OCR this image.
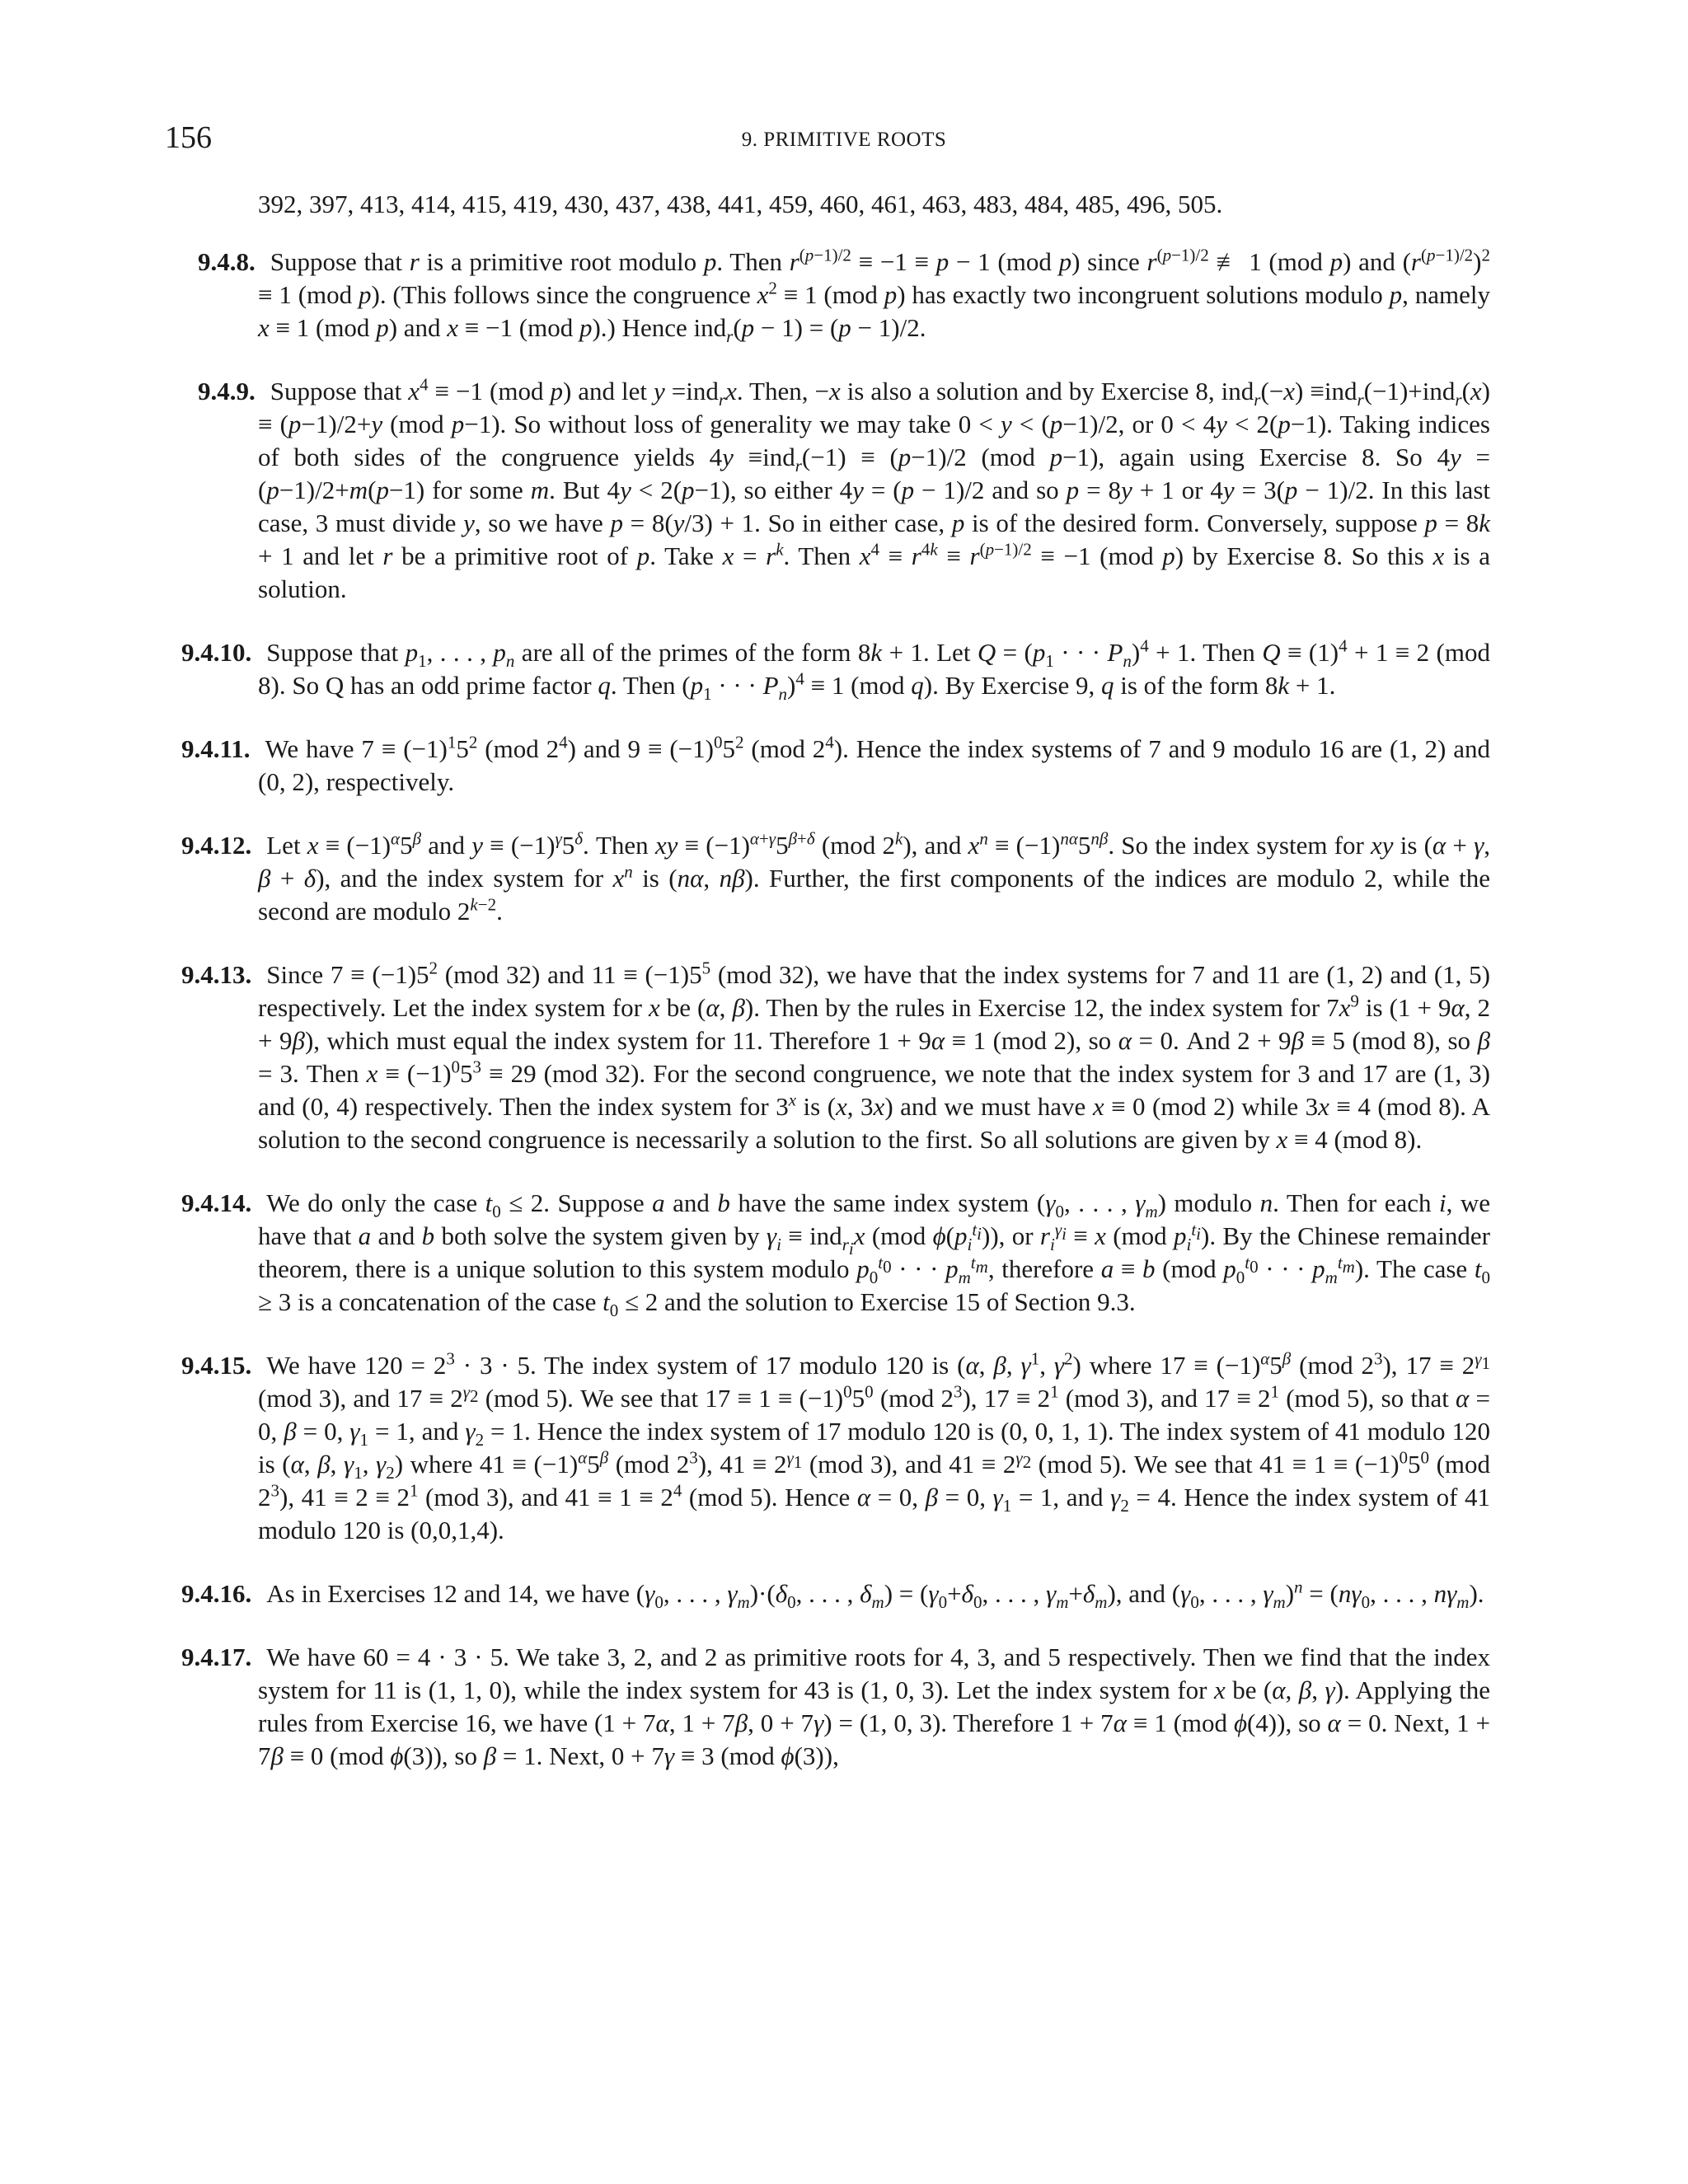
156	9. PRIMITIVE ROOTS
392, 397, 413, 414, 415, 419, 430, 437, 438, 441, 459, 460, 461, 463, 483, 484, 485, 496, 505.
9.4.8. Suppose that r is a primitive root modulo p. Then $r^{(p-1)/2} \equiv -1 \equiv p - 1$ (mod p) since $r^{(p-1)/2}$ ≢ 1 (mod p) and $(r^{(p-1)/2})^2 \equiv 1$ (mod p). (This follows since the congruence $x^2 \equiv 1$ (mod p) has exactly two incongruent solutions modulo p, namely x ≡ 1 (mod p) and x ≡ −1 (mod p).) Hence ind$_r$(p − 1) = (p − 1)/2.
9.4.9. Suppose that $x^4 \equiv -1$ (mod p) and let y =ind$_r$x. Then, −x is also a solution and by Exercise 8, ind$_r$(−x) ≡ind$_r$(−1)+ind$_r$(x) ≡ (p−1)/2+y (mod p−1). So without loss of generality we may take 0 < y < (p−1)/2, or 0 < 4y < 2(p−1). Taking indices of both sides of the congruence yields 4y ≡ind$_r$(−1) ≡ (p−1)/2 (mod p−1), again using Exercise 8. So 4y = (p−1)/2+m(p−1) for some m. But 4y < 2(p−1), so either 4y = (p − 1)/2 and so p = 8y + 1 or 4y = 3(p − 1)/2. In this last case, 3 must divide y, so we have p = 8(y/3) + 1. So in either case, p is of the desired form. Conversely, suppose p = 8k + 1 and let r be a primitive root of p. Take $x = r^k$. Then $x^4 \equiv r^{4k} \equiv r^{(p-1)/2} \equiv -1$ (mod p) by Exercise 8. So this x is a solution.
9.4.10. Suppose that $p_1$, . . . , $p_n$ are all of the primes of the form 8k + 1. Let $Q = (p_1$ · · · $P_n)^4 + 1$. Then $Q \equiv (1)^4 + 1 \equiv 2$ (mod 8). So Q has an odd prime factor q. Then ($p_1$ · · · $P_n)^4 \equiv 1$ (mod q). By Exercise 9, q is of the form 8k + 1.
9.4.11. We have $7 \equiv (-1)^15^2$ (mod $2^4$) and $9 \equiv (-1)^05^2$ (mod $2^4$). Hence the index systems of 7 and 9 modulo 16 are (1, 2) and (0, 2), respectively.
9.4.12. Let $x \equiv (-1)^\alpha 5^\beta$ and $y \equiv (-1)^\gamma 5^\delta$. Then xy ≡ $(-1)^{\alpha+\gamma}5^{\beta+\delta}$ (mod 2$^k$), and $x^n \equiv (-1)^{n\alpha}5^{n\beta}$. So the index system for xy is (α + γ, β + δ), and the index system for $x^n$ is (nα, nβ). Further, the first components of the indices are modulo 2, while the second are modulo $2^{k-2}$.
9.4.13. Since $7 \equiv (-1)5^2$ (mod 32) and $11 \equiv (-1)5^5$ (mod 32), we have that the index systems for 7 and 11 are (1, 2) and (1, 5) respectively. Let the index system for x be (α, β). Then by the rules in Exercise 12, the index system for $7x^9$ is (1 + 9α, 2 + 9β), which must equal the index system for 11. Therefore 1 + 9α ≡ 1 (mod 2), so α = 0. And 2 + 9β ≡ 5 (mod 8), so β = 3. Then $x \equiv (-1)^05^3 \equiv 29$ (mod 32). For the second congruence, we note that the index system for 3 and 17 are (1, 3) and (0, 4) respectively. Then the index system for 3$^x$ is (x, 3x) and we must have x ≡ 0 (mod 2) while 3x ≡ 4 (mod 8). A solution to the second congruence is necessarily a solution to the first. So all solutions are given by x ≡ 4 (mod 8).
9.4.14. We do only the case $t_0 \le 2$. Suppose a and b have the same index system ($\gamma_0$, . . . , $\gamma_m$) modulo n. Then for each i, we have that a and b both solve the system given by $\gamma_i \equiv ind_{r_i}x$ (mod $\phi(p_i^{t_i})$), or $r_i^{\gamma_i} \equiv x$ (mod $p_i^{t_i}$). By the Chinese remainder theorem, there is a unique solution to this system modulo $p_0^{t_0}$ · · · $p_m^{t_m}$, therefore a ≡ b (mod $p_0^{t_0}$ · · · $p_m^{t_m}$). The case $t_0 \ge 3$ is a concatenation of the case $t_0 \le 2$ and the solution to Exercise 15 of Section 9.3.
9.4.15. We have $120 = 2^3 \cdot 3 \cdot 5$. The index system of 17 modulo 120 is (α, β, $\gamma^1$, $\gamma^2$) where $17 \equiv (-1)^\alpha 5^\beta$ (mod $2^3$), $17 \equiv 2^{\gamma_1}$ (mod 3), and $17 \equiv 2^{\gamma_2}$ (mod 5). We see that $17 \equiv 1 \equiv (-1)^05^0$ (mod $2^3$), $17 \equiv 2^1$ (mod 3), and $17 \equiv 2^1$ (mod 5), so that α = 0, β = 0, $\gamma_1 = 1$, and $\gamma_2 = 1$. Hence the index system of 17 modulo 120 is (0, 0, 1, 1). The index system of 41 modulo 120 is (α, β, $\gamma_1$, $\gamma_2$) where $41 \equiv (-1)^\alpha 5^\beta$ (mod $2^3$), $41 \equiv 2^{\gamma_1}$ (mod 3), and $41 \equiv 2^{\gamma_2}$ (mod 5). We see that $41 \equiv 1 \equiv (-1)^05^0$ (mod $2^3$), $41 \equiv 2 \equiv 2^1$ (mod 3), and $41 \equiv 1 \equiv 2^4$ (mod 5). Hence α = 0, β = 0, $\gamma_1 = 1$, and $\gamma_2 = 4$. Hence the index system of 41 modulo 120 is (0,0,1,4).
9.4.16. As in Exercises 12 and 14, we have ($\gamma_0$, . . . , $\gamma_m)\cdot(\delta_0$, . . . , $\delta_m) = (\gamma_0+\delta_0$, . . . , $\gamma_m+\delta_m$), and ($\gamma_0$, . . . , $\gamma_m)^n = (n\gamma_0$, . . . , $n\gamma_m$).
9.4.17. We have 60 = 4 · 3 · 5. We take 3, 2, and 2 as primitive roots for 4, 3, and 5 respectively. Then we find that the index system for 11 is (1, 1, 0), while the index system for 43 is (1, 0, 3). Let the index system for x be (α, β, γ). Applying the rules from Exercise 16, we have (1 + 7α, 1 + 7β, 0 + 7γ) = (1, 0, 3). Therefore 1 + 7α ≡ 1 (mod ϕ(4)), so α = 0. Next, 1 + 7β ≡ 0 (mod ϕ(3)), so β = 1. Next, 0 + 7γ ≡ 3 (mod ϕ(3)),
